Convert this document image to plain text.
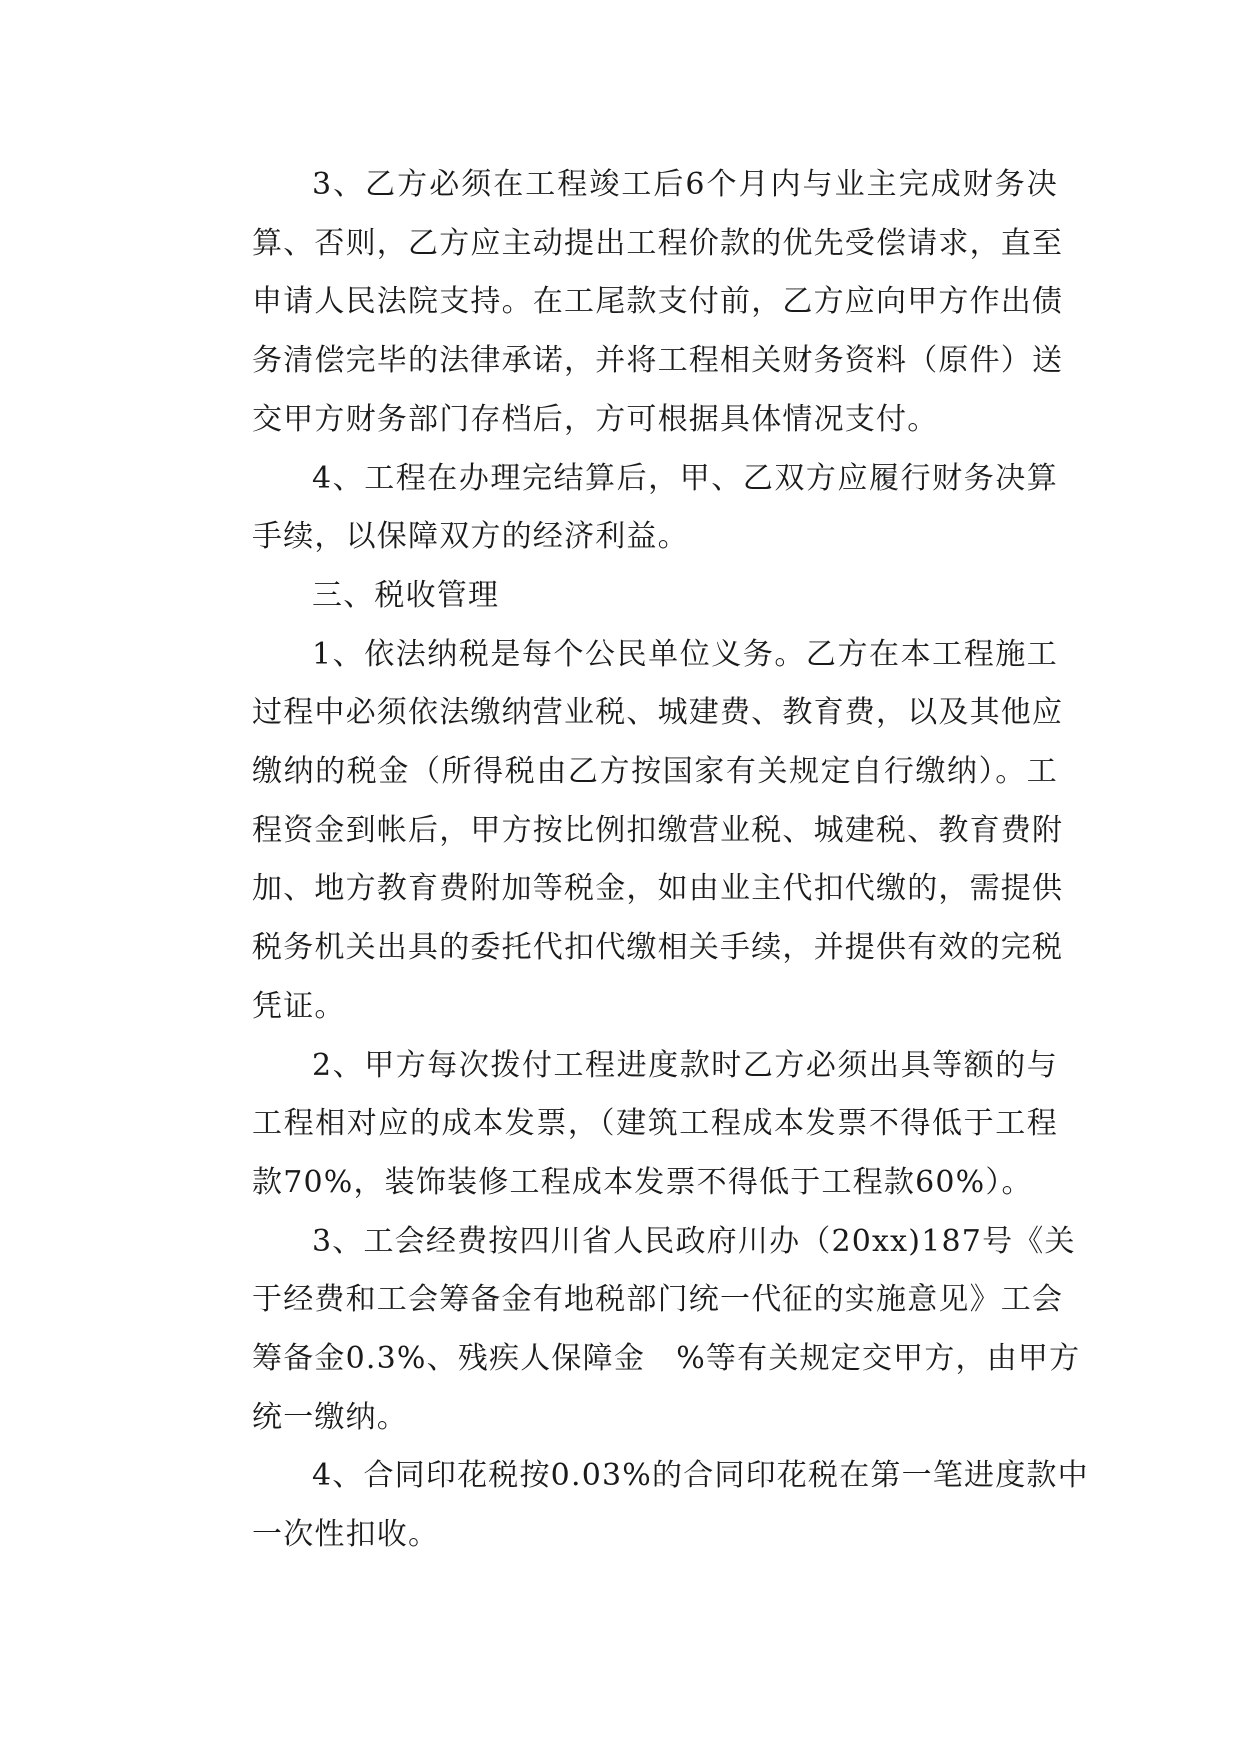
3、乙方必须在工程竣工后6个月内与业主完成财务决
算、否则，乙方应主动提出工程价款的优先受偿请求，直至
申请人民法院支持。在工尾款支付前，乙方应向甲方作出债
务清偿完毕的法律承诺，并将工程相关财务资料（原件）送
交甲方财务部门存档后，方可根据具体情况支付。
4、工程在办理完结算后，甲、乙双方应履行财务决算
手续，以保障双方的经济利益。
三、税收管理
1、依法纳税是每个公民单位义务。乙方在本工程施工
过程中必须依法缴纳营业税、城建费、教育费，以及其他应
缴纳的税金（所得税由乙方按国家有关规定自行缴纳）。工
程资金到帐后，甲方按比例扣缴营业税、城建税、教育费附
加、地方教育费附加等税金，如由业主代扣代缴的，需提供
税务机关出具的委托代扣代缴相关手续，并提供有效的完税
凭证。
2、甲方每次拨付工程进度款时乙方必须出具等额的与
工程相对应的成本发票，（建筑工程成本发票不得低于工程
款70%，装饰装修工程成本发票不得低于工程款60%）。
3、工会经费按四川省人民政府川办（20xx)187号《关
于经费和工会筹备金有地税部门统一代征的实施意见》工会
筹备金0.3%、残疾人保障金　%等有关规定交甲方，由甲方
统一缴纳。
4、合同印花税按0.03%的合同印花税在第一笔进度款中
一次性扣收。
